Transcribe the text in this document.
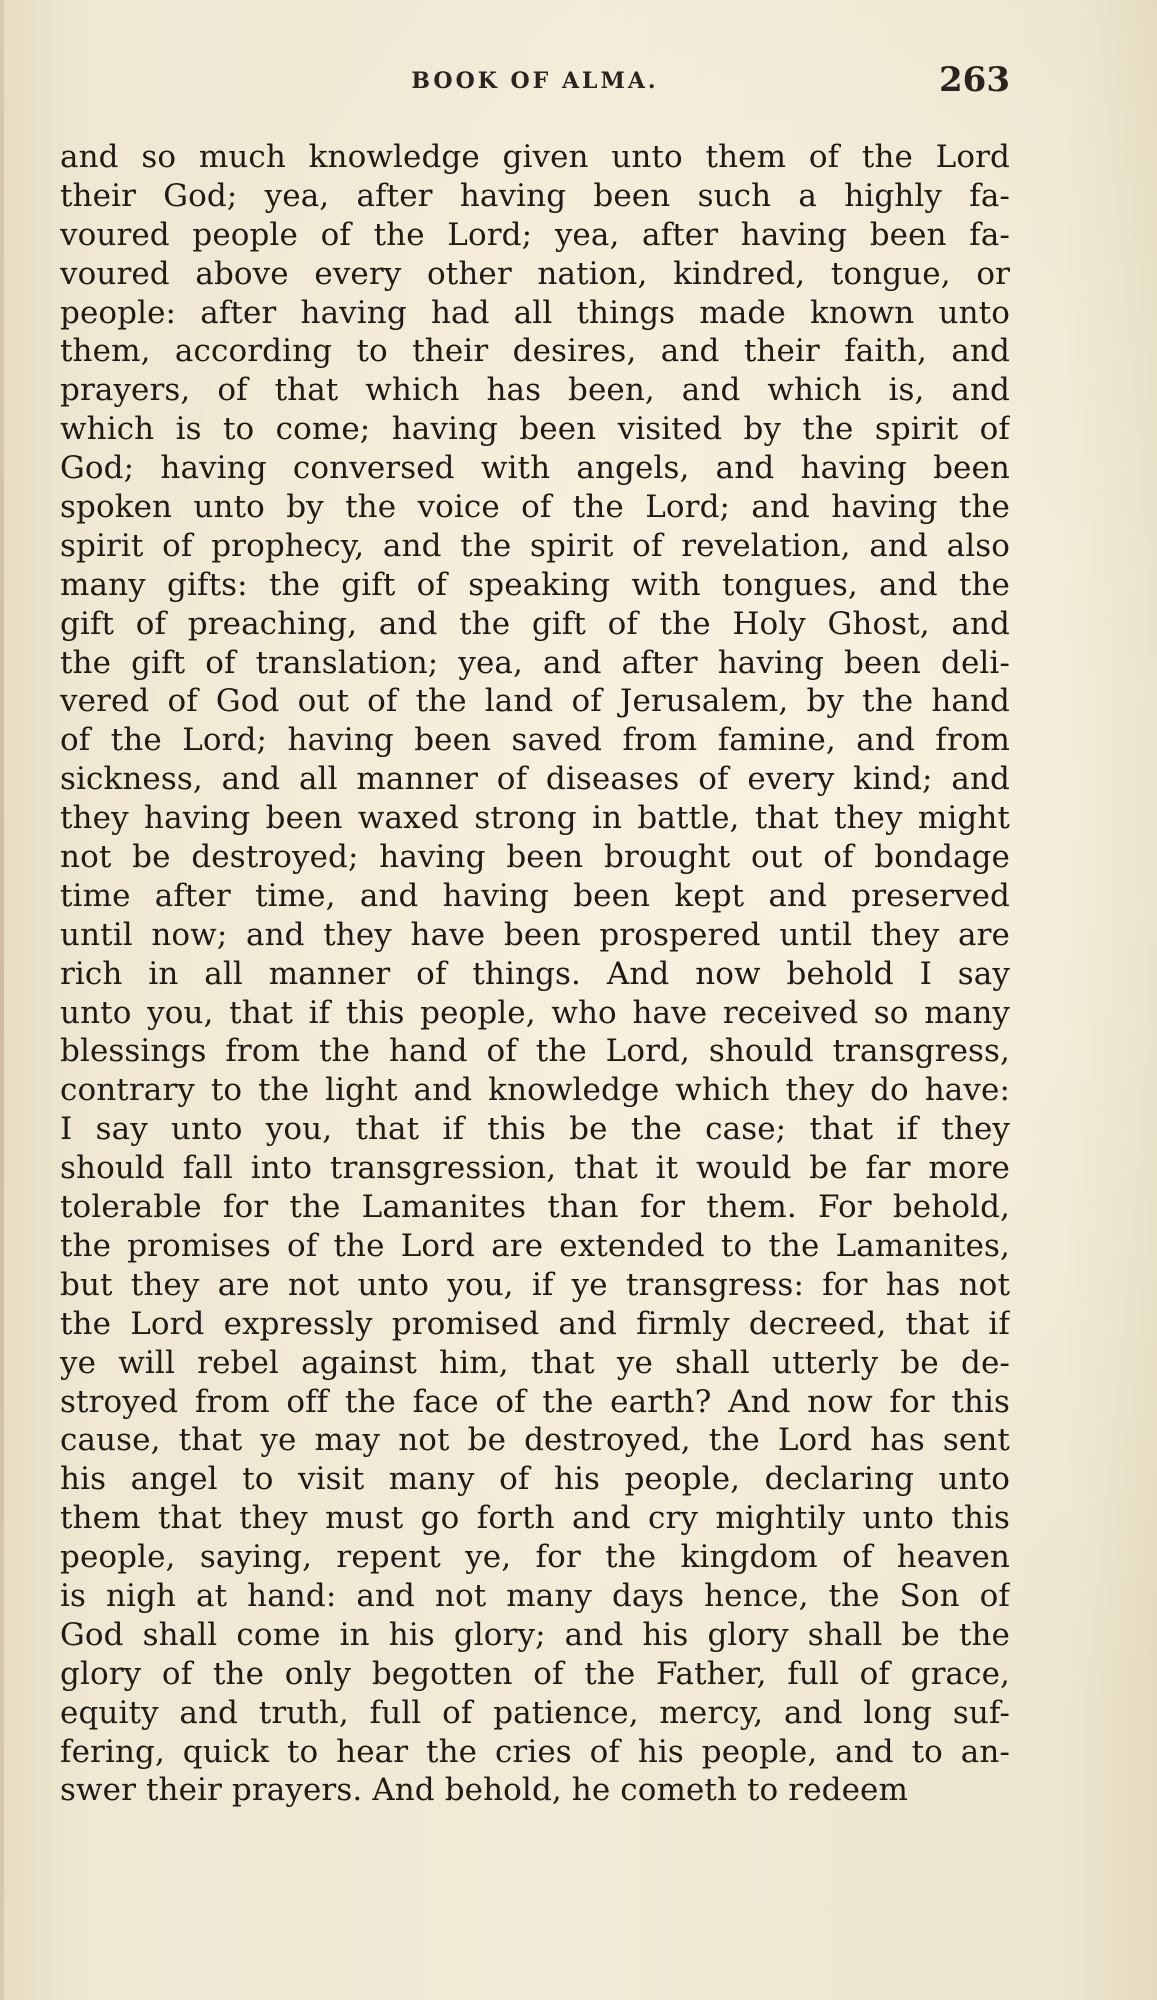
BOOK OF ALMA.	263
and so much knowledge given unto them of the Lord
their God; yea, after having been such a highly fa-
voured people of the Lord; yea, after having been fa-
voured above every other nation, kindred, tongue, or
people: after having had all things made known unto
them, according to their desires, and their faith, and
prayers, of that which has been, and which is, and
which is to come; having been visited by the spirit of
God; having conversed with angels, and having been
spoken unto by the voice of the Lord; and having the
spirit of prophecy, and the spirit of revelation, and also
many gifts: the gift of speaking with tongues, and the
gift of preaching, and the gift of the Holy Ghost, and
the gift of translation; yea, and after having been deli-
vered of God out of the land of Jerusalem, by the hand
of the Lord; having been saved from famine, and from
sickness, and all manner of diseases of every kind; and
they having been waxed strong in battle, that they might
not be destroyed; having been brought out of bondage
time after time, and having been kept and preserved
until now; and they have been prospered until they are
rich in all manner of things. And now behold I say
unto you, that if this people, who have received so many
blessings from the hand of the Lord, should transgress,
contrary to the light and knowledge which they do have:
I say unto you, that if this be the case; that if they
should fall into transgression, that it would be far more
tolerable for the Lamanites than for them. For behold,
the promises of the Lord are extended to the Lamanites,
but they are not unto you, if ye transgress: for has not
the Lord expressly promised and firmly decreed, that if
ye will rebel against him, that ye shall utterly be de-
stroyed from off the face of the earth? And now for this
cause, that ye may not be destroyed, the Lord has sent
his angel to visit many of his people, declaring unto
them that they must go forth and cry mightily unto this
people, saying, repent ye, for the kingdom of heaven
is nigh at hand: and not many days hence, the Son of
God shall come in his glory; and his glory shall be the
glory of the only begotten of the Father, full of grace,
equity and truth, full of patience, mercy, and long suf-
fering, quick to hear the cries of his people, and to an-
swer their prayers. And behold, he cometh to redeem
